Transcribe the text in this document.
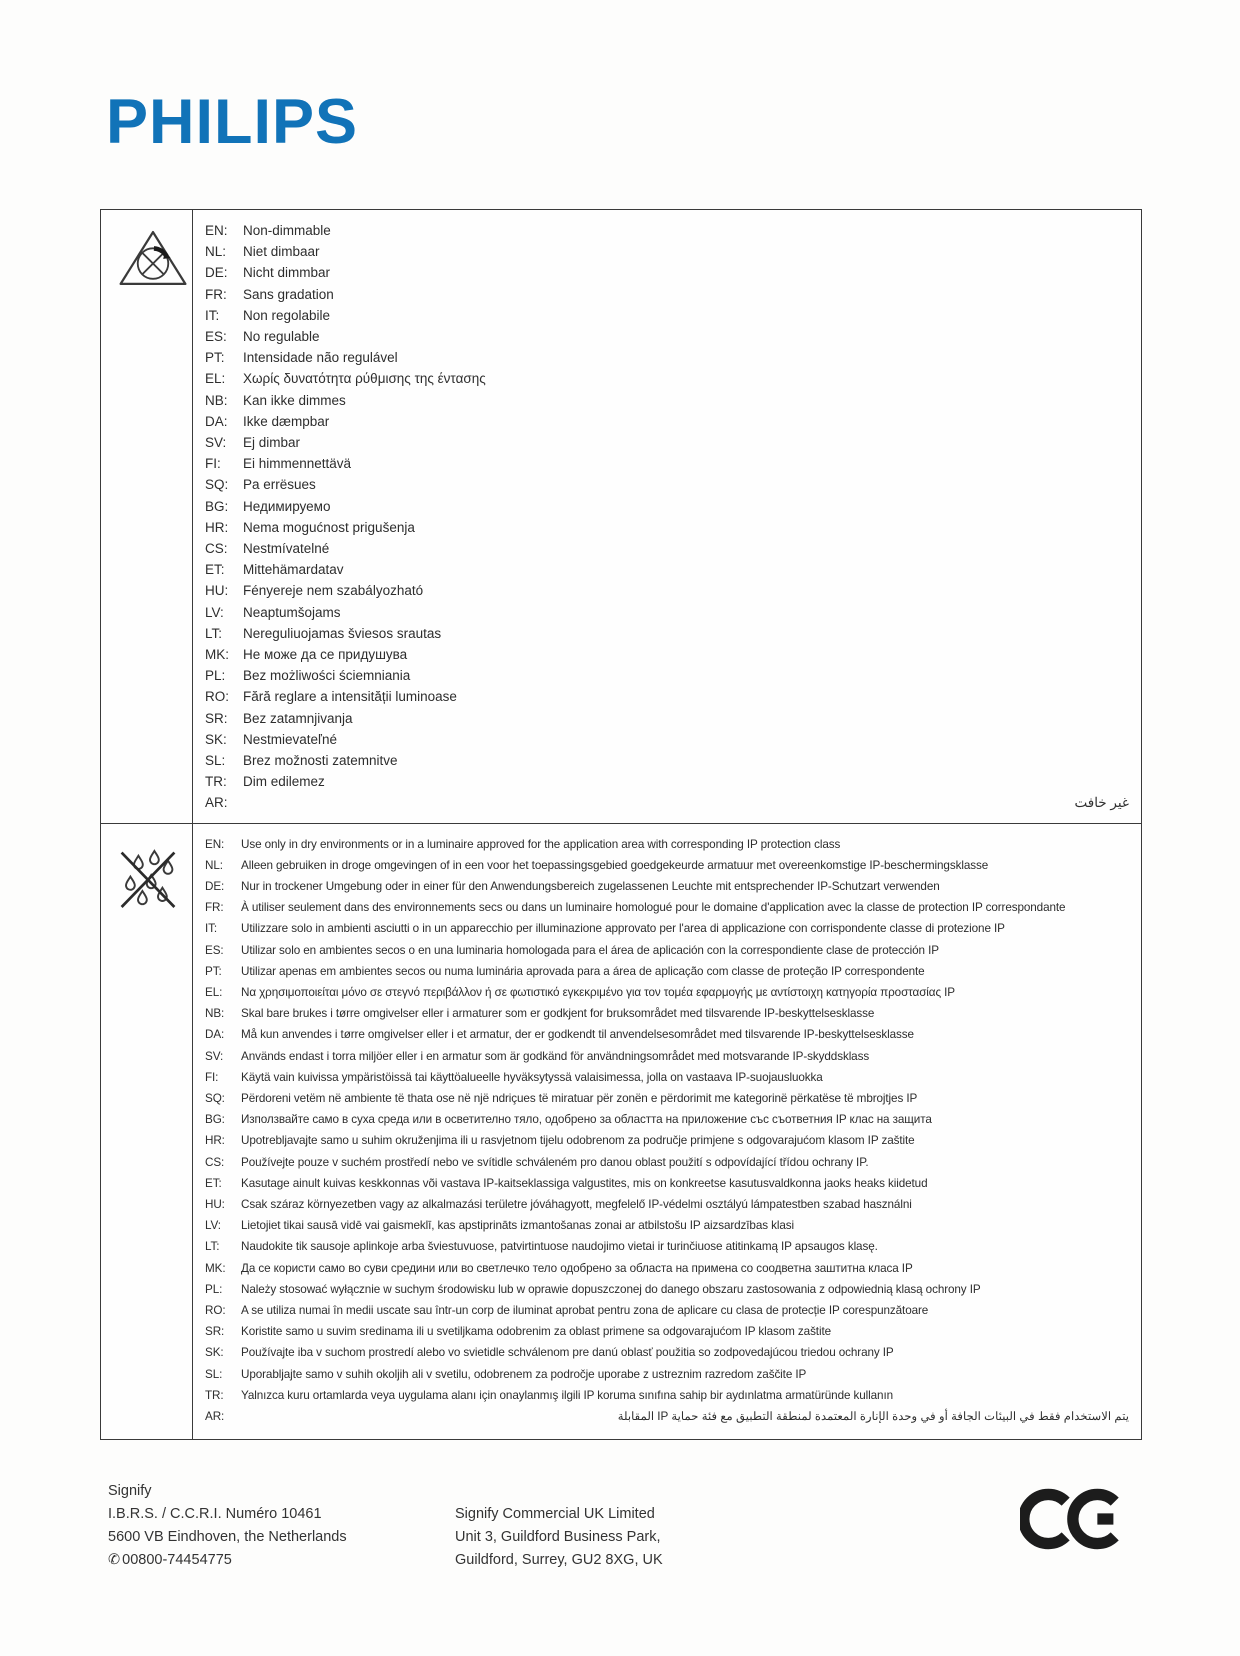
PHILIPS
EN:	Non-dimmable
NL:	Niet dimbaar
DE:	Nicht dimmbar
FR:	Sans gradation
IT:	Non regolabile
ES:	No regulable
PT:	Intensidade não regulável
EL:	Χωρίς δυνατότητα ρύθμισης της έντασης
NB:	Kan ikke dimmes
DA:	Ikke dæmpbar
SV:	Ej dimbar
FI:	Ei himmennettävä
SQ:	Pa errësues
BG:	Недимируемо
HR:	Nema mogućnost prigušenja
CS:	Nestmívatelné
ET:	Mittehämardatav
HU:	Fényereje nem szabályozható
LV:	Neaptumšojams
LT:	Nereguliuojamas šviesos srautas
MK:	Не може да се придушува
PL:	Bez możliwości ściemniania
RO:	Fără reglare a intensității luminoase
SR:	Bez zatamnjivanja
SK:	Nestmievateľné
SL:	Brez možnosti zatemnitve
TR:	Dim edilemez
AR:	غير خافت
EN:	Use only in dry environments or in a luminaire approved for the application area with corresponding IP protection class
NL:	Alleen gebruiken in droge omgevingen of in een voor het toepassingsgebied goedgekeurde armatuur met overeenkomstige IP-beschermingsklasse
DE:	Nur in trockener Umgebung oder in einer für den Anwendungsbereich zugelassenen Leuchte mit entsprechender IP-Schutzart verwenden
FR:	À utiliser seulement dans des environnements secs ou dans un luminaire homologué pour le domaine d'application avec la classe de protection IP correspondante
IT:	Utilizzare solo in ambienti asciutti o in un apparecchio per illuminazione approvato per l'area di applicazione con corrispondente classe di protezione IP
ES:	Utilizar solo en ambientes secos o en una luminaria homologada para el área de aplicación con la correspondiente clase de protección IP
PT:	Utilizar apenas em ambientes secos ou numa luminária aprovada para a área de aplicação com classe de proteção IP correspondente
EL:	Να χρησιμοποιείται μόνο σε στεγνό περιβάλλον ή σε φωτιστικό εγκεκριμένο για τον τομέα εφαρμογής με αντίστοιχη κατηγορία προστασίας IP
NB:	Skal bare brukes i tørre omgivelser eller i armaturer som er godkjent for bruksområdet med tilsvarende IP-beskyttelsesklasse
DA:	Må kun anvendes i tørre omgivelser eller i et armatur, der er godkendt til anvendelsesområdet med tilsvarende IP-beskyttelsesklasse
SV:	Används endast i torra miljöer eller i en armatur som är godkänd för användningsområdet med motsvarande IP-skyddsklass
FI:	Käytä vain kuivissa ympäristöissä tai käyttöalueelle hyväksytyssä valaisimessa, jolla on vastaava IP-suojausluokka
SQ:	Përdoreni vetëm në ambiente të thata ose në një ndriçues të miratuar për zonën e përdorimit me kategorinë përkatëse të mbrojtjes IP
BG:	Използвайте само в суха среда или в осветително тяло, одобрено за областта на приложение със съответния IP клас на защита
HR:	Upotrebljavajte samo u suhim okruženjima ili u rasvjetnom tijelu odobrenom za područje primjene s odgovarajućom klasom IP zaštite
CS:	Používejte pouze v suchém prostředí nebo ve svítidle schváleném pro danou oblast použití s odpovídající třídou ochrany IP.
ET:	Kasutage ainult kuivas keskkonnas või vastava IP-kaitseklassiga valgustites, mis on konkreetse kasutusvaldkonna jaoks heaks kiidetud
HU:	Csak száraz környezetben vagy az alkalmazási területre jóváhagyott, megfelelő IP-védelmi osztályú lámpatestben szabad használni
LV:	Lietojiet tikai sausā vidē vai gaismeklī, kas apstiprināts izmantošanas zonai ar atbilstošu IP aizsardzības klasi
LT:	Naudokite tik sausoje aplinkoje arba šviestuvuose, patvirtintuose naudojimo vietai ir turinčiuose atitinkamą IP apsaugos klasę.
MK:	Да се користи само во суви средини или во светлечко тело одобрено за областа на примена со соодветна заштитна класа IP
PL:	Należy stosować wyłącznie w suchym środowisku lub w oprawie dopuszczonej do danego obszaru zastosowania z odpowiednią klasą ochrony IP
RO:	A se utiliza numai în medii uscate sau într-un corp de iluminat aprobat pentru zona de aplicare cu clasa de protecție IP corespunzătoare
SR:	Koristite samo u suvim sredinama ili u svetiljkama odobrenim za oblast primene sa odgovarajućom IP klasom zaštite
SK:	Používajte iba v suchom prostredí alebo vo svietidle schválenom pre danú oblasť použitia so zodpovedajúcou triedou ochrany IP
SL:	Uporabljajte samo v suhih okoljih ali v svetilu, odobrenem za področje uporabe z ustreznim razredom zaščite IP
TR:	Yalnızca kuru ortamlarda veya uygulama alanı için onaylanmış ilgili IP koruma sınıfına sahip bir aydınlatma armatüründe kullanın
AR:	يتم الاستخدام فقط في البيئات الجافة أو في وحدة الإنارة المعتمدة لمنطقة التطبيق مع فئة حماية IP المقابلة
Signify
I.B.R.S. / C.C.R.I. Numéro 10461
5600 VB Eindhoven, the Netherlands
✆ 00800-74454775
Signify Commercial UK Limited
Unit 3, Guildford Business Park,
Guildford, Surrey, GU2 8XG, UK
